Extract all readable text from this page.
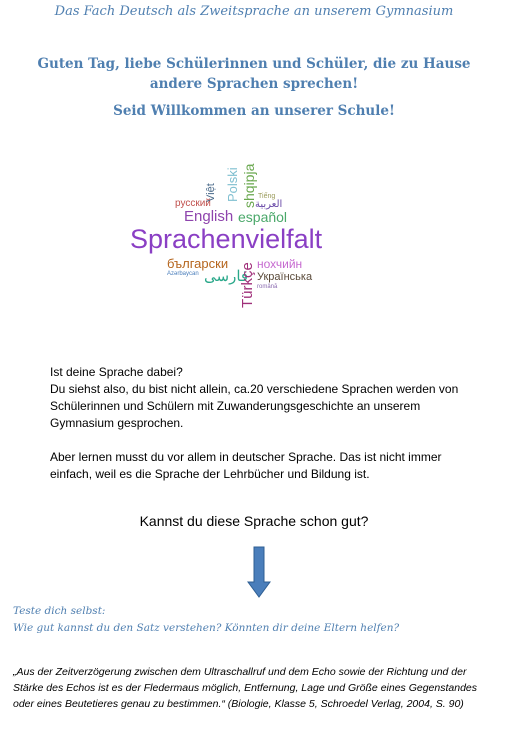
Das Fach Deutsch als Zweitsprache an unserem Gymnasium
Guten Tag, liebe Schülerinnen und Schüler, die zu Hause andere Sprachen sprechen!
Seid Willkommen an unserer Schule!
русский
Việt Polski shqipja Tiếng
العربية
English español
Sprachenvielfalt
български нохчийн
Azərbaycan فارسی
Türkçe Українська
română

Ist deine Sprache dabei?
Du siehst also, du bist nicht allein, ca.20 verschiedene Sprachen werden von Schülerinnen und Schülern mit Zuwanderungsgeschichte an unserem Gymnasium gesprochen.

Aber lernen musst du vor allem in deutscher Sprache. Das ist nicht immer einfach, weil es die Sprache der Lehrbücher und Bildung ist.

Kannst du diese Sprache schon gut?
Teste dich selbst:
Wie gut kannst du den Satz verstehen? Könnten dir deine Eltern helfen?
„Aus der Zeitverzögerung zwischen dem Ultraschallruf und dem Echo sowie der Richtung und der Stärke des Echos ist es der Fledermaus möglich, Entfernung, Lage und Größe eines Gegenstandes oder eines Beutetieres genau zu bestimmen.“ (Biologie, Klasse 5, Schroedel Verlag, 2004, S. 90)
